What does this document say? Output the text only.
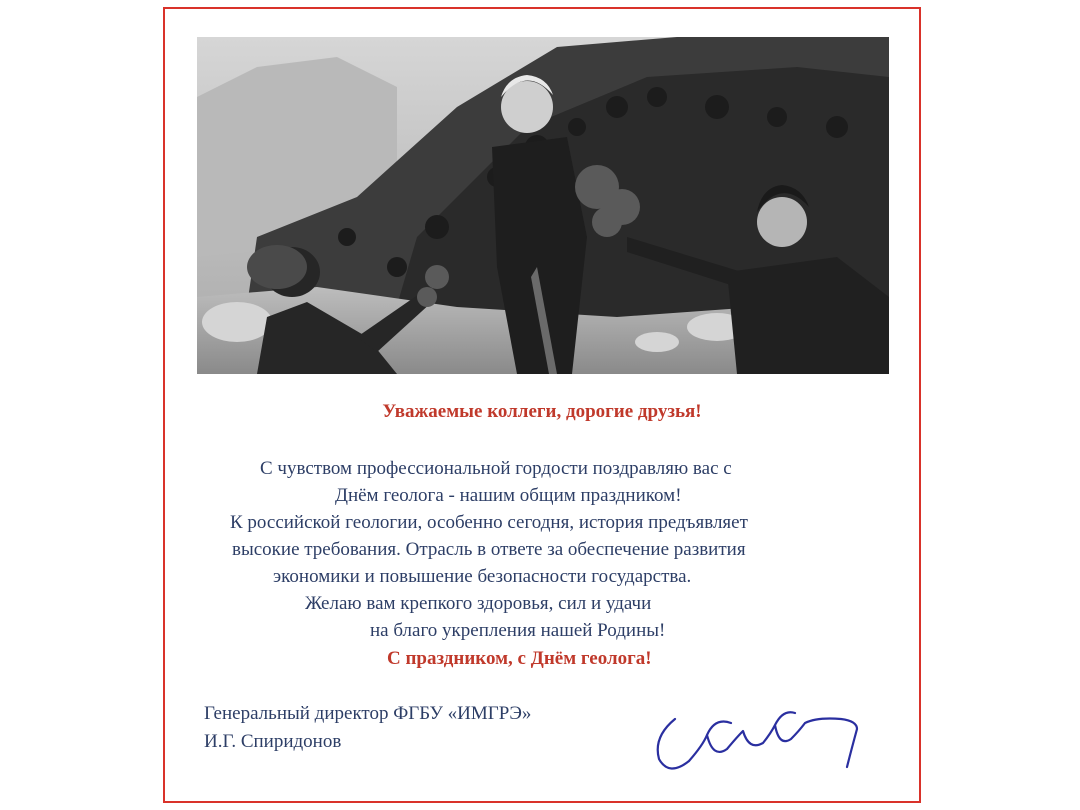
Уважаемые коллеги, дорогие друзья!
С чувством профессиональной гордости поздравляю вас с
Днём геолога - нашим общим праздником!
К российской геологии, особенно сегодня, история предъявляет
высокие требования. Отрасль в ответе за обеспечение развития
экономики и повышение безопасности государства.
Желаю вам крепкого здоровья, сил и удачи
на благо укрепления нашей Родины!
С праздником, с Днём геолога!
Генеральный директор ФГБУ «ИМГРЭ»
И.Г. Спиридонов
